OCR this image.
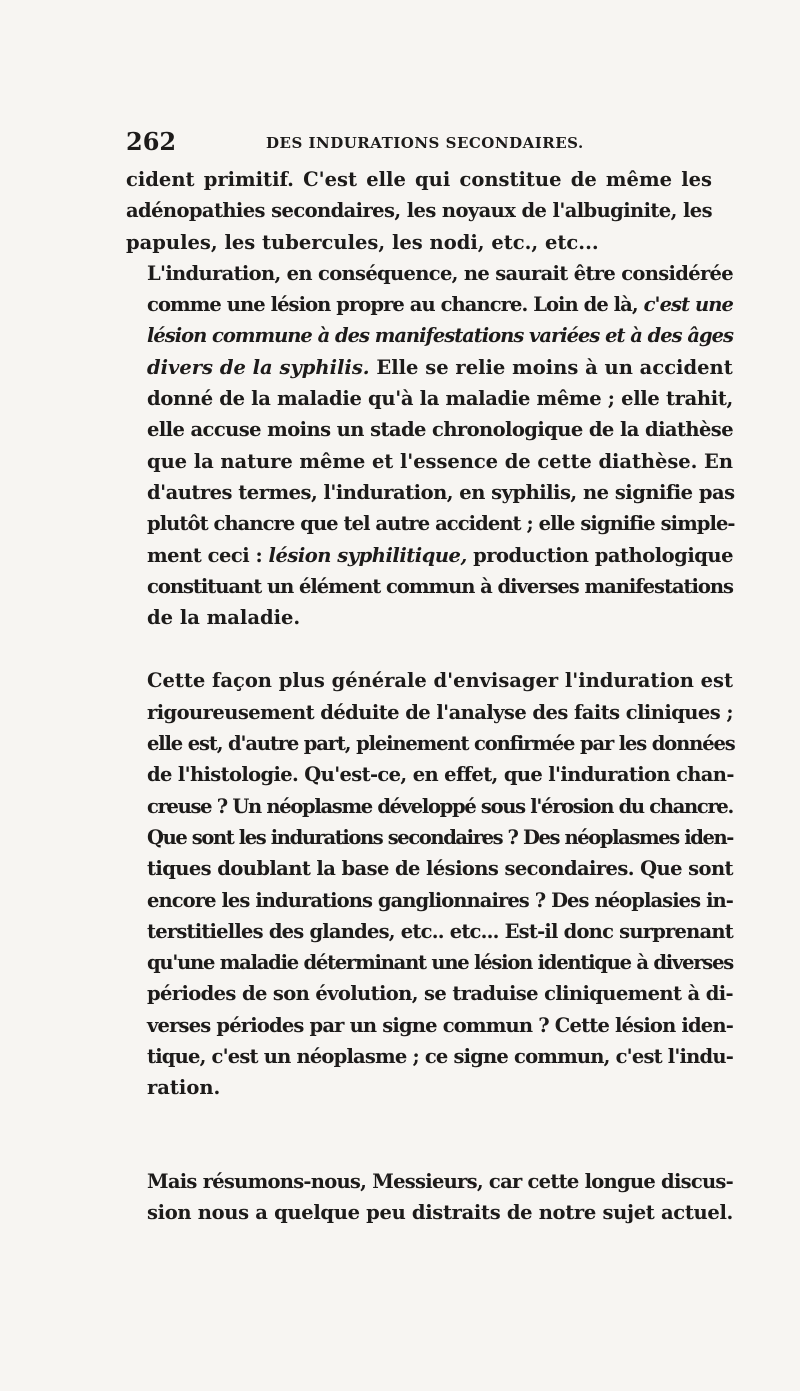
262	DES INDURATIONS SECONDAIRES.

cident primitif. C'est elle qui constitue de même les
adénopathies secondaires, les noyaux de l'albuginite, les
papules, les tubercules, les nodi, etc., etc...

L'induration, en conséquence, ne saurait être considérée
comme une lésion propre au chancre. Loin de là, c'est une
lésion commune à des manifestations variées et à des âges
divers de la syphilis. Elle se relie moins à un accident
donné de la maladie qu'à la maladie même ; elle trahit,
elle accuse moins un stade chronologique de la diathèse
que la nature même et l'essence de cette diathèse. En
d'autres termes, l'induration, en syphilis, ne signifie pas
plutôt chancre que tel autre accident ; elle signifie simple-
ment ceci : lésion syphilitique, production pathologique
constituant un élément commun à diverses manifestations
de la maladie.

Cette façon plus générale d'envisager l'induration est
rigoureusement déduite de l'analyse des faits cliniques ;
elle est, d'autre part, pleinement confirmée par les données
de l'histologie. Qu'est-ce, en effet, que l'induration chan-
creuse ? Un néoplasme développé sous l'érosion du chancre.
Que sont les indurations secondaires ? Des néoplasmes iden-
tiques doublant la base de lésions secondaires. Que sont
encore les indurations ganglionnaires ? Des néoplasies in-
terstitielles des glandes, etc.. etc... Est-il donc surprenant
qu'une maladie déterminant une lésion identique à diverses
périodes de son évolution, se traduise cliniquement à di-
verses périodes par un signe commun ? Cette lésion iden-
tique, c'est un néoplasme ; ce signe commun, c'est l'indu-
ration.

Mais résumons-nous, Messieurs, car cette longue discus-
sion nous a quelque peu distraits de notre sujet actuel.
